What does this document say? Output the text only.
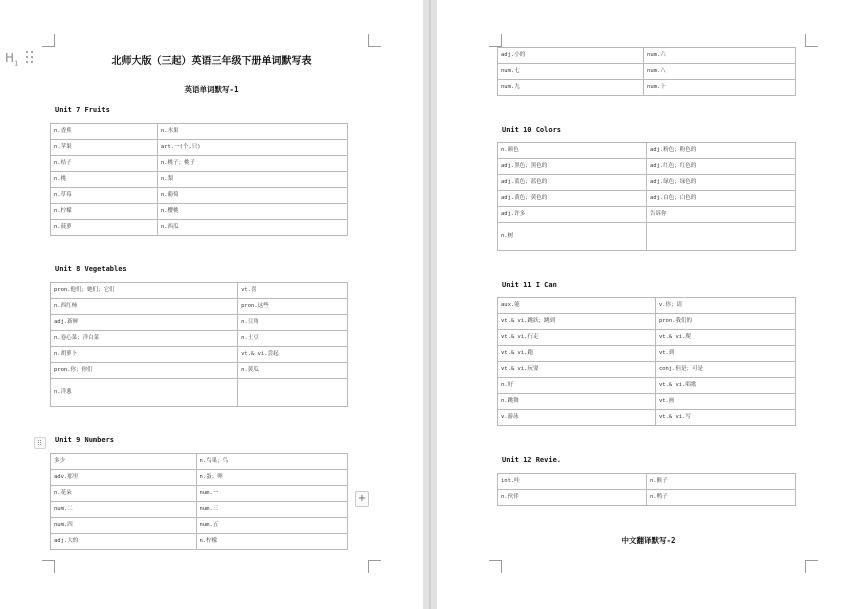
$H_1$	北师大版（三起）英语三年级下册单词默写表
英语单词默写-1
Unit 7 Fruits
n.香蕉	n.水果
n.苹果	art.一(个,只)
n.桔子	n.桃子；桃子
n.桃	n.梨
n.草莓	n.葡萄
n.柠檬	n.樱桃
n.菠萝	n.西瓜
Unit 8 Vegetables
pron.他们；她们；它们	vt.喜
n.西红柿	pron.这些
adj.新鲜	n.豆角
n.卷心菜；洋白菜	n.土豆
n.胡萝卜	vt.& vi.尝起
pron.你；你们	n.黄瓜
n.洋葱	
Unit 9 Numbers
多少	n.鸟巢；鸟
adv.那里	n.蛋；卵
n.花朵	num.一
num.二	num.三
num.四	num.五
adj.大的	n.柠檬
+
adj.小的	num.六
num.七	num.八
num.九	num.十
Unit 10 Colors
n.颜色	adj.粉色；粉色的
adj.黑色；黑色的	adj.红色；红色的
adj.蓝色；蓝色的	adj.绿色；绿色的
adj.黄色；黄色的	adj.白色；白色的
adj.许多	告诉你
n.树	
Unit 11 I Can
aux.能	v.你；请
vt.& vi.跳跃；跳到	pron.我们的
vt.& vi.行走	vt.& vi.爬
vt.& vi.跑	vt.到
vt.& vi.玩耍	conj.但是；可是
n.好	vt.& vi.唱歌
n.跳舞	vt.画
v.游泳	vt.& vi.写
Unit 12 Revie.
int.哇	n.猴子
n.伙伴	n.鸭子
中文翻译默写-2
